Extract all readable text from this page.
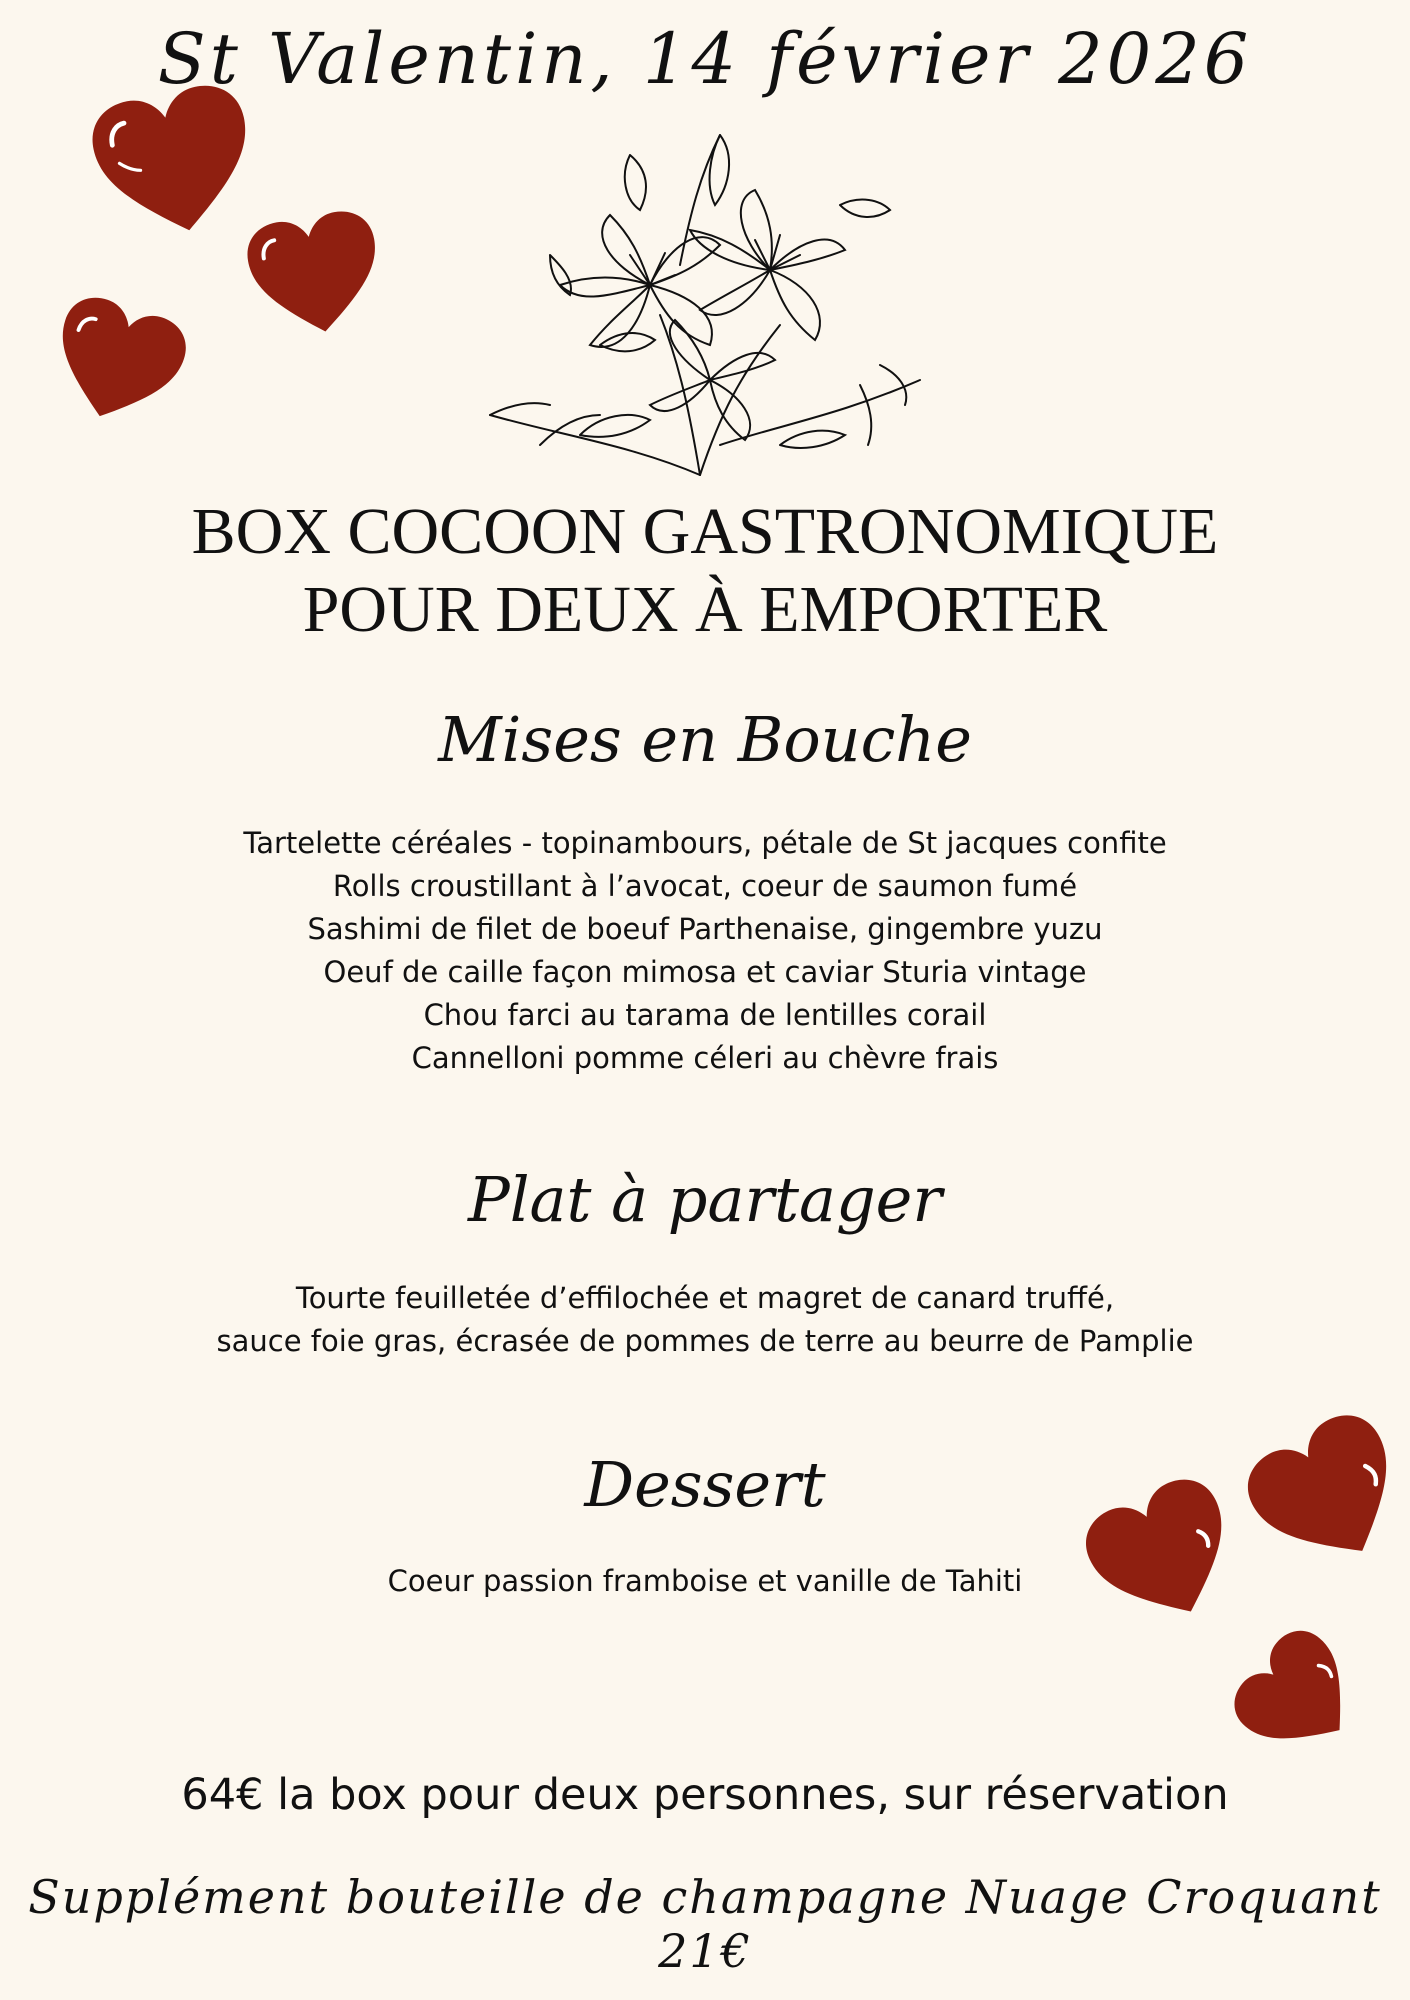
St Valentin, 14 février 2026
BOX COCOON GASTRONOMIQUE
POUR DEUX À EMPORTER
Mises en Bouche
Tartelette céréales - topinambours, pétale de St jacques confite
Rolls croustillant à l’avocat, coeur de saumon fumé
Sashimi de filet de boeuf Parthenaise, gingembre yuzu
Oeuf de caille façon mimosa et caviar Sturia vintage
Chou farci au tarama de lentilles corail
Cannelloni pomme céleri au chèvre frais
Plat à partager
Tourte feuilletée d’effilochée et magret de canard truffé,
sauce foie gras, écrasée de pommes de terre au beurre de Pamplie
Dessert
Coeur passion framboise et vanille de Tahiti
64€ la box pour deux personnes, sur réservation
Supplément bouteille de champagne Nuage Croquant 21€
